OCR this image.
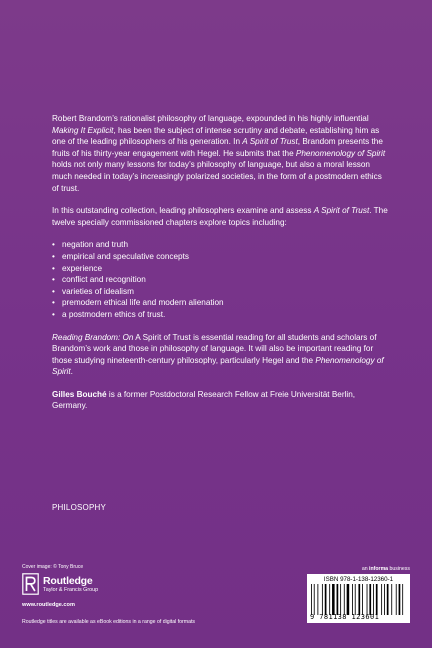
Robert Brandom’s rationalist philosophy of language, expounded in his highly influential Making It Explicit, has been the subject of intense scrutiny and debate, establishing him as one of the leading philosophers of his generation. In A Spirit of Trust, Brandom presents the fruits of his thirty-year engagement with Hegel. He submits that the Phenomenology of Spirit holds not only many lessons for today’s philosophy of language, but also a moral lesson much needed in today’s increasingly polarized societies, in the form of a postmodern ethics of trust.

In this outstanding collection, leading philosophers examine and assess A Spirit of Trust. The twelve specially commissioned chapters explore topics including:

• negation and truth
• empirical and speculative concepts
• experience
• conflict and recognition
• varieties of idealism
• premodern ethical life and modern alienation
• a postmodern ethics of trust.

Reading Brandom: On A Spirit of Trust is essential reading for all students and scholars of Brandom’s work and those in philosophy of language. It will also be important reading for those studying nineteenth-century philosophy, particularly Hegel and the Phenomenology of Spirit.

Gilles Bouché is a former Postdoctoral Research Fellow at Freie Universität Berlin, Germany.

PHILOSOPHY
Cover image: © Tony Bruce
Routledge
Taylor & Francis Group
www.routledge.com
Routledge titles are available as eBook editions in a range of digital formats
an informa business
ISBN 978-1-138-12360-1
9 781138 123601
